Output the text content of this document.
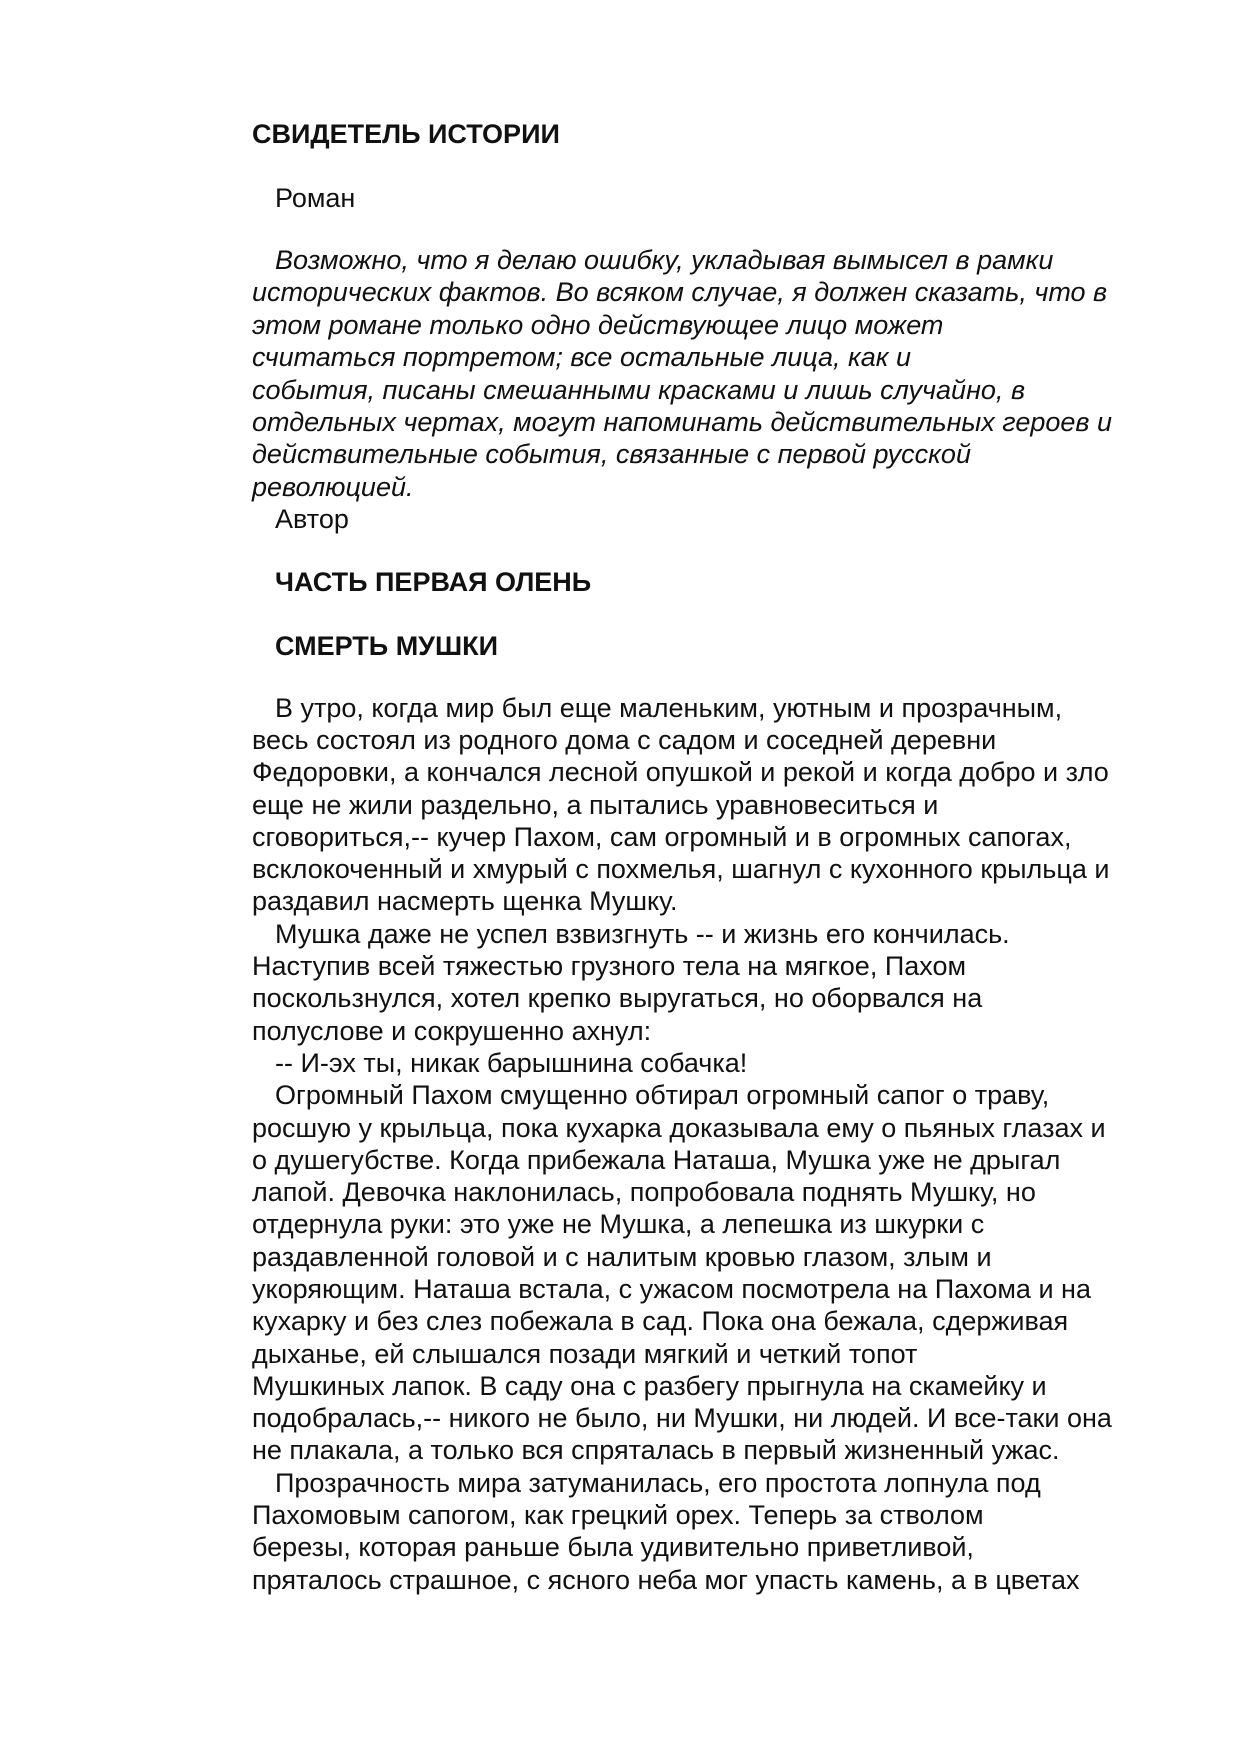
СВИДЕТЕЛЬ ИСТОРИИ

Роман

Возможно, что я делаю ошибку, укладывая вымысел в рамки
исторических фактов. Во всяком случае, я должен сказать, что в
этом романе только одно действующее лицо может
считаться портретом; все остальные лица, как и
события, писаны смешанными красками и лишь случайно, в
отдельных чертах, могут напоминать действительных героев и
действительные события, связанные с первой русской
революцией.

Автор

ЧАСТЬ ПЕРВАЯ ОЛЕНЬ
СМЕРТЬ МУШКИ
В утро, когда мир был еще маленьким, уютным и прозрачным,
весь состоял из родного дома с садом и соседней деревни
Федоровки, а кончался лесной опушкой и рекой и когда добро и зло
еще не жили раздельно, а пытались уравновеситься и
сговориться,-- кучер Пахом, сам огромный и в огромных сапогах,
всклокоченный и хмурый с похмелья, шагнул с кухонного крыльца и
раздавил насмерть щенка Мушку.
Мушка даже не успел взвизгнуть -- и жизнь его кончилась.
Наступив всей тяжестью грузного тела на мягкое, Пахом
поскользнулся, хотел крепко выругаться, но оборвался на
полуслове и сокрушенно ахнул:
-- И-эх ты, никак барышнина собачка!
Огромный Пахом смущенно обтирал огромный сапог о траву,
росшую у крыльца, пока кухарка доказывала ему о пьяных глазах и
о душегубстве. Когда прибежала Наташа, Мушка уже не дрыгал
лапой. Девочка наклонилась, попробовала поднять Мушку, но
отдернула руки: это уже не Мушка, а лепешка из шкурки с
раздавленной головой и с налитым кровью глазом, злым и
укоряющим. Наташа встала, с ужасом посмотрела на Пахома и на
кухарку и без слез побежала в сад. Пока она бежала, сдерживая
дыханье, ей слышался позади мягкий и четкий топот
Мушкиных лапок. В саду она с разбегу прыгнула на скамейку и
подобралась,-- никого не было, ни Мушки, ни людей. И все-таки она
не плакала, а только вся спряталась в первый жизненный ужас.
Прозрачность мира затуманилась, его простота лопнула под
Пахомовым сапогом, как грецкий орех. Теперь за стволом
березы, которая раньше была удивительно приветливой,
пряталось страшное, с ясного неба мог упасть камень, а в цветах
